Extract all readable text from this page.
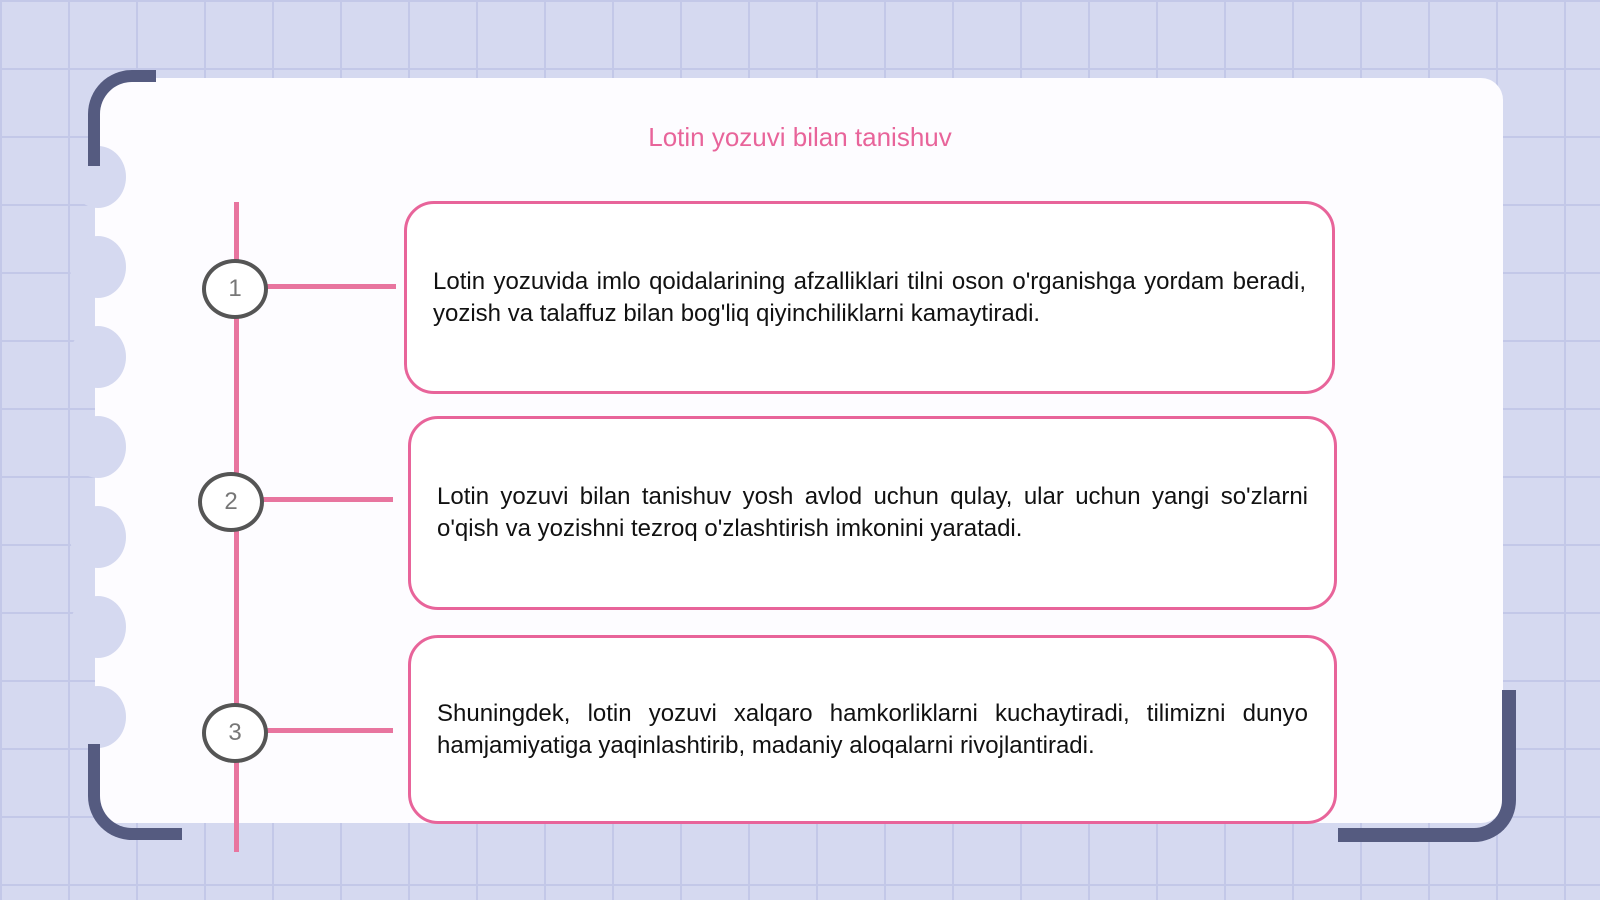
Lotin yozuvi bilan tanishuv
1
2
3

Lotin yozuvida imlo qoidalarining afzalliklari tilni oson o'rganishga yordam beradi, yozish va talaffuz bilan bog'liq qiyinchiliklarni kamaytiradi.

Lotin yozuvi bilan tanishuv yosh avlod uchun qulay, ular uchun yangi so'zlarni o'qish va yozishni tezroq o'zlashtirish imkonini yaratadi.

Shuningdek, lotin yozuvi xalqaro hamkorliklarni kuchaytiradi, tilimizni dunyo hamjamiyatiga yaqinlashtirib, madaniy aloqalarni rivojlantiradi.
